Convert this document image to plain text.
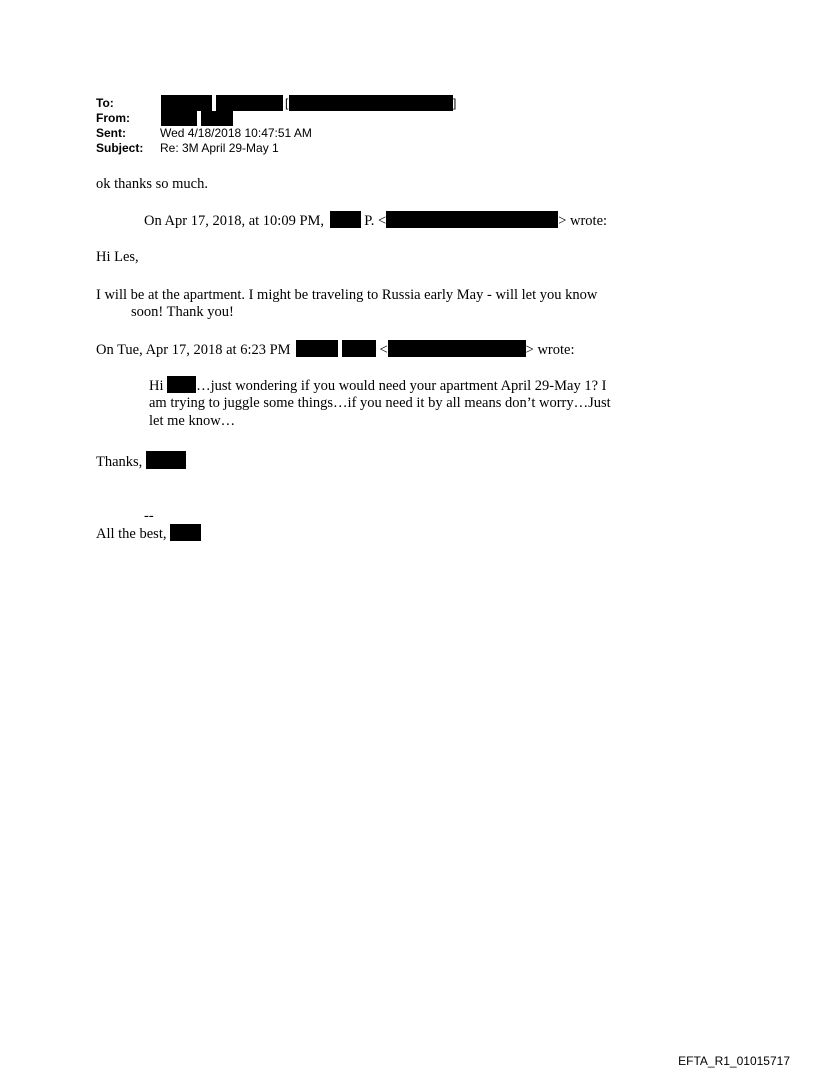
To:	[	]
From:
Sent:	Wed 4/18/2018 10:47:51 AM
Subject: Re: 3M April 29-May 1
ok thanks so much.
On Apr 17, 2018, at 10:09 PM,	P. <	> wrote:
Hi Les,
I will be at the apartment. I might be traveling to Russia early May - will let you know
soon! Thank you!
On Tue, Apr 17, 2018 at 6:23 PM	<	> wrote:
Hi …just wondering if you would need your apartment April 29-May 1? I
am trying to juggle some things…if you need it by all means don’t worry…Just
let me know…
Thanks,
--
All the best,
EFTA_R1_01015717
